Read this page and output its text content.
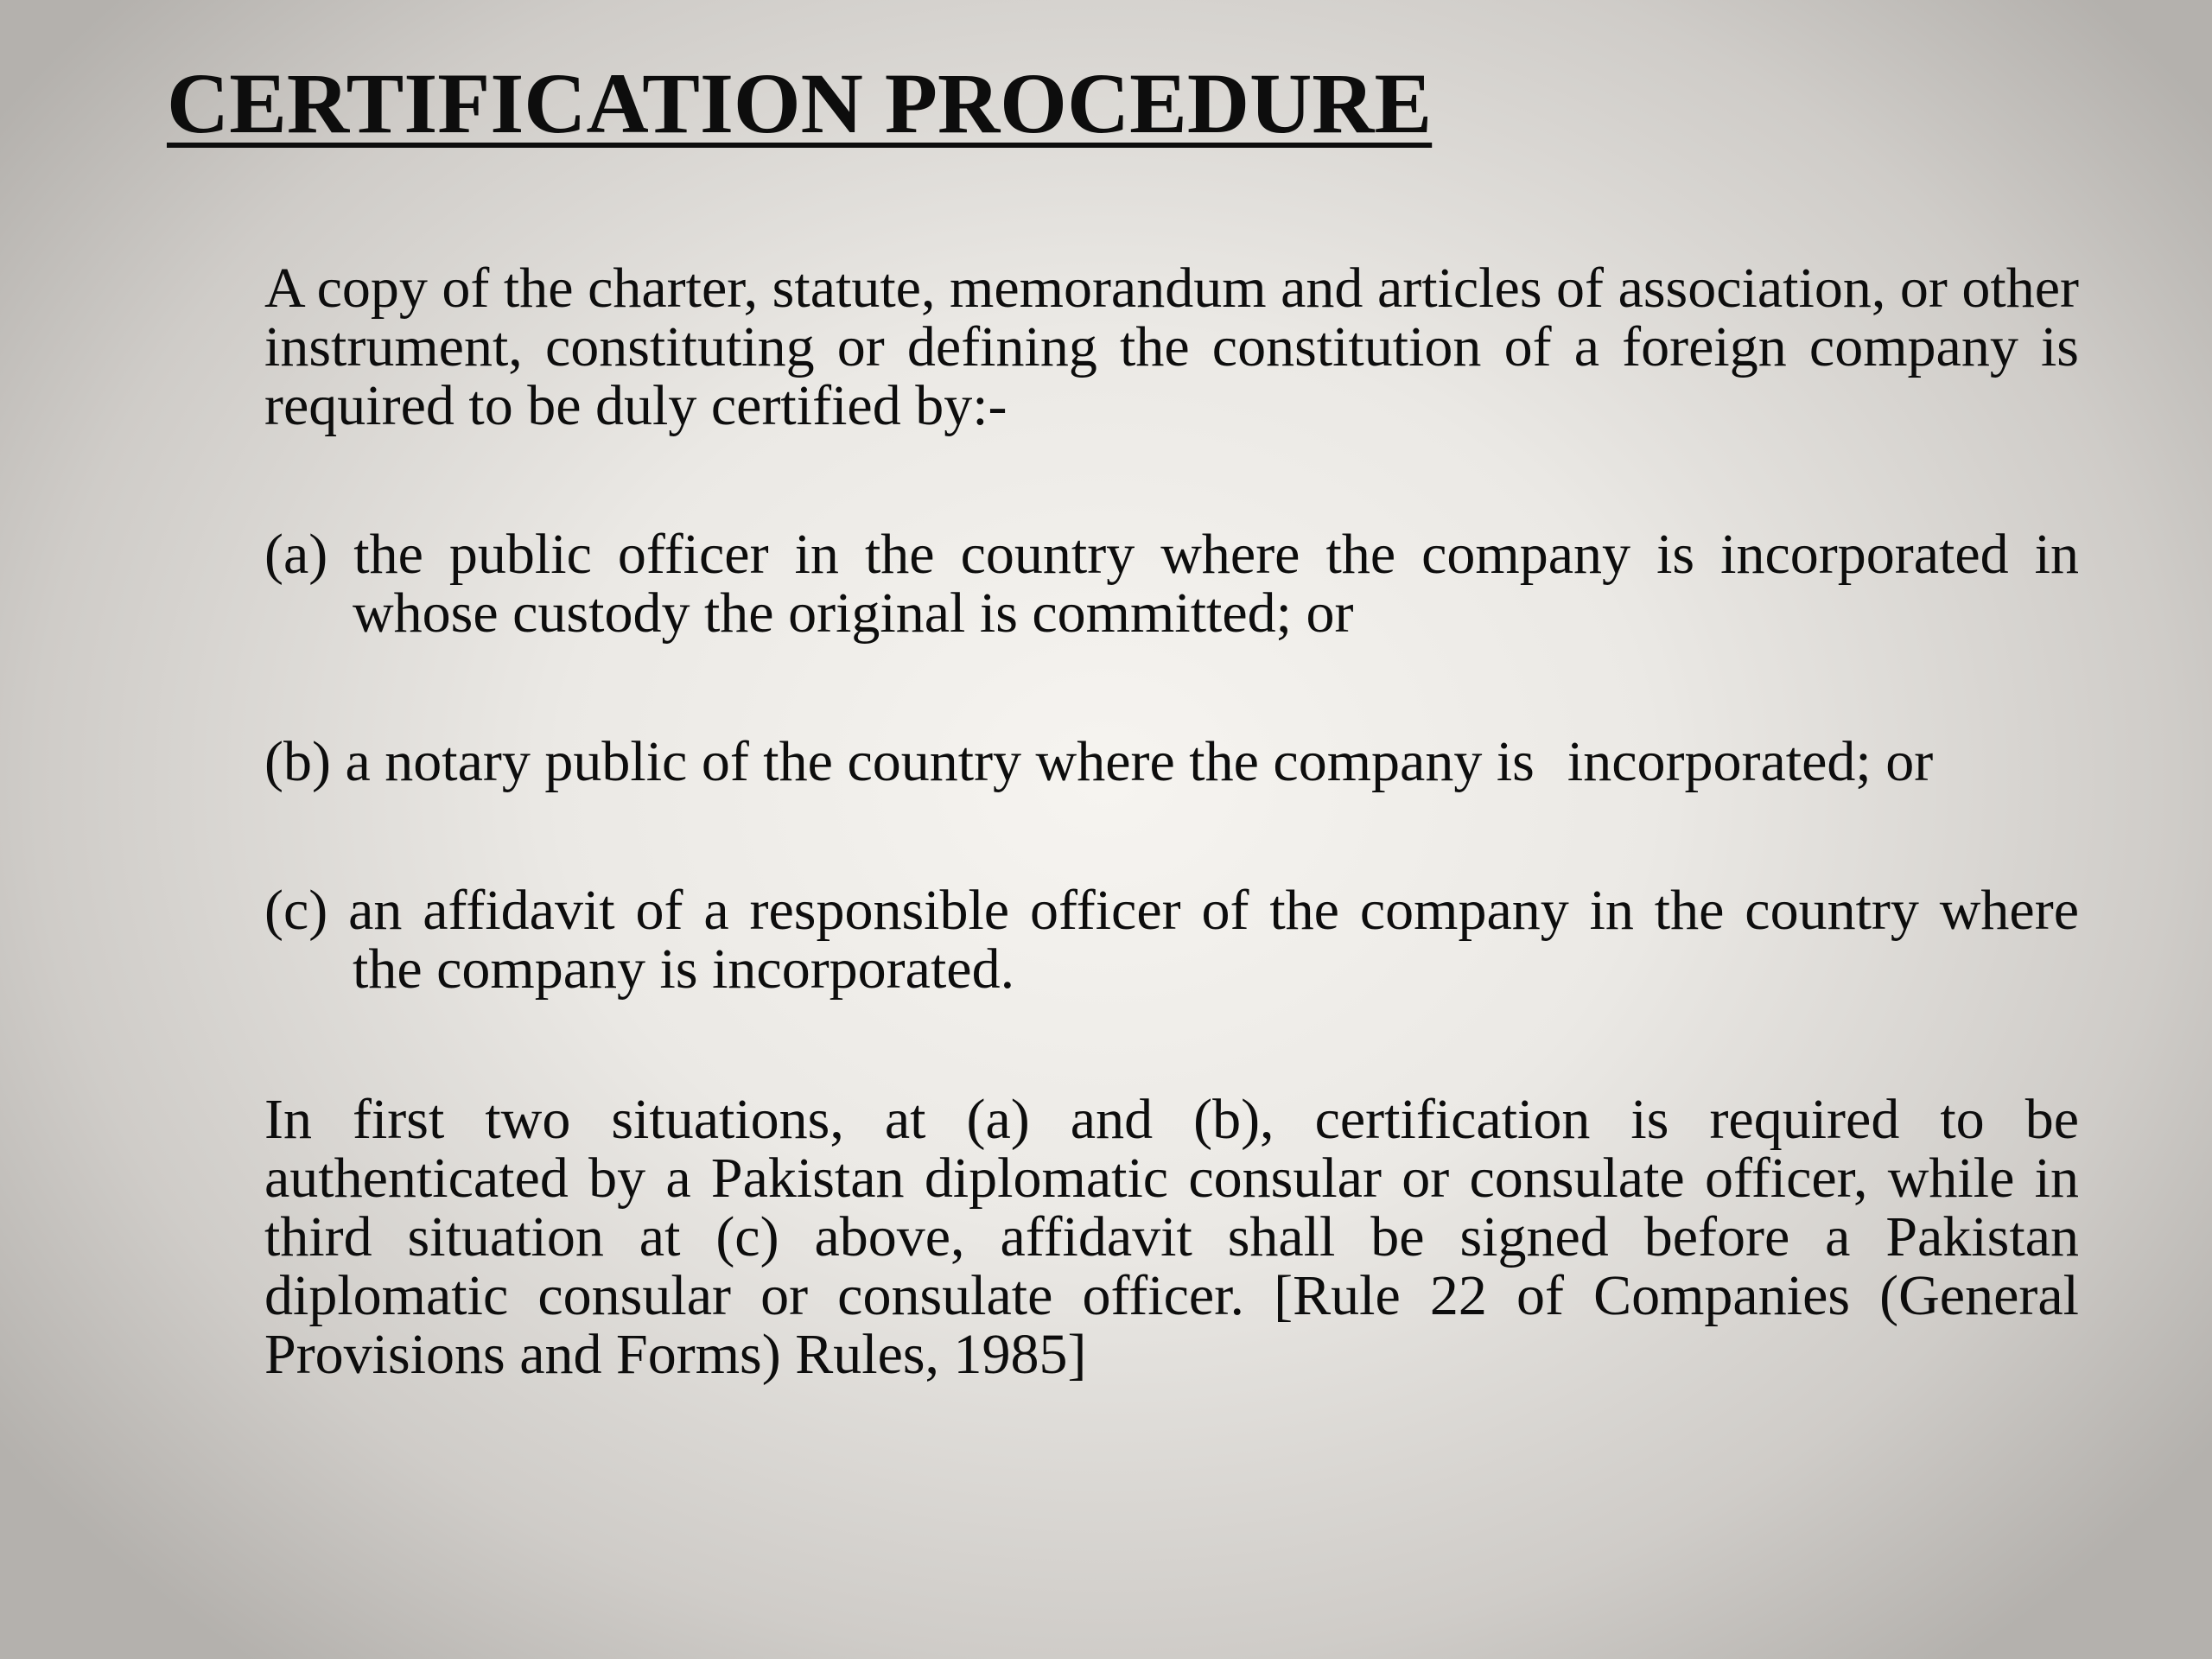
CERTIFICATION PROCEDURE

A copy of the charter, statute, memorandum and articles of association, or other instrument, constituting or defining the constitution of a foreign company is required to be duly certified by:-

(a) the public officer in the country where the company is incorporated in whose custody the original is committed; or

(b) a notary public of the country where the company is incorporated; or

(c) an affidavit of a responsible officer of the company in the country where the company is incorporated.

In first two situations, at (a) and (b), certification is required to be authenticated by a Pakistan diplomatic consular or consulate officer, while in third situation at (c) above, affidavit shall be signed before a Pakistan diplomatic consular or consulate officer. [Rule 22 of Companies (General Provisions and Forms) Rules, 1985]
